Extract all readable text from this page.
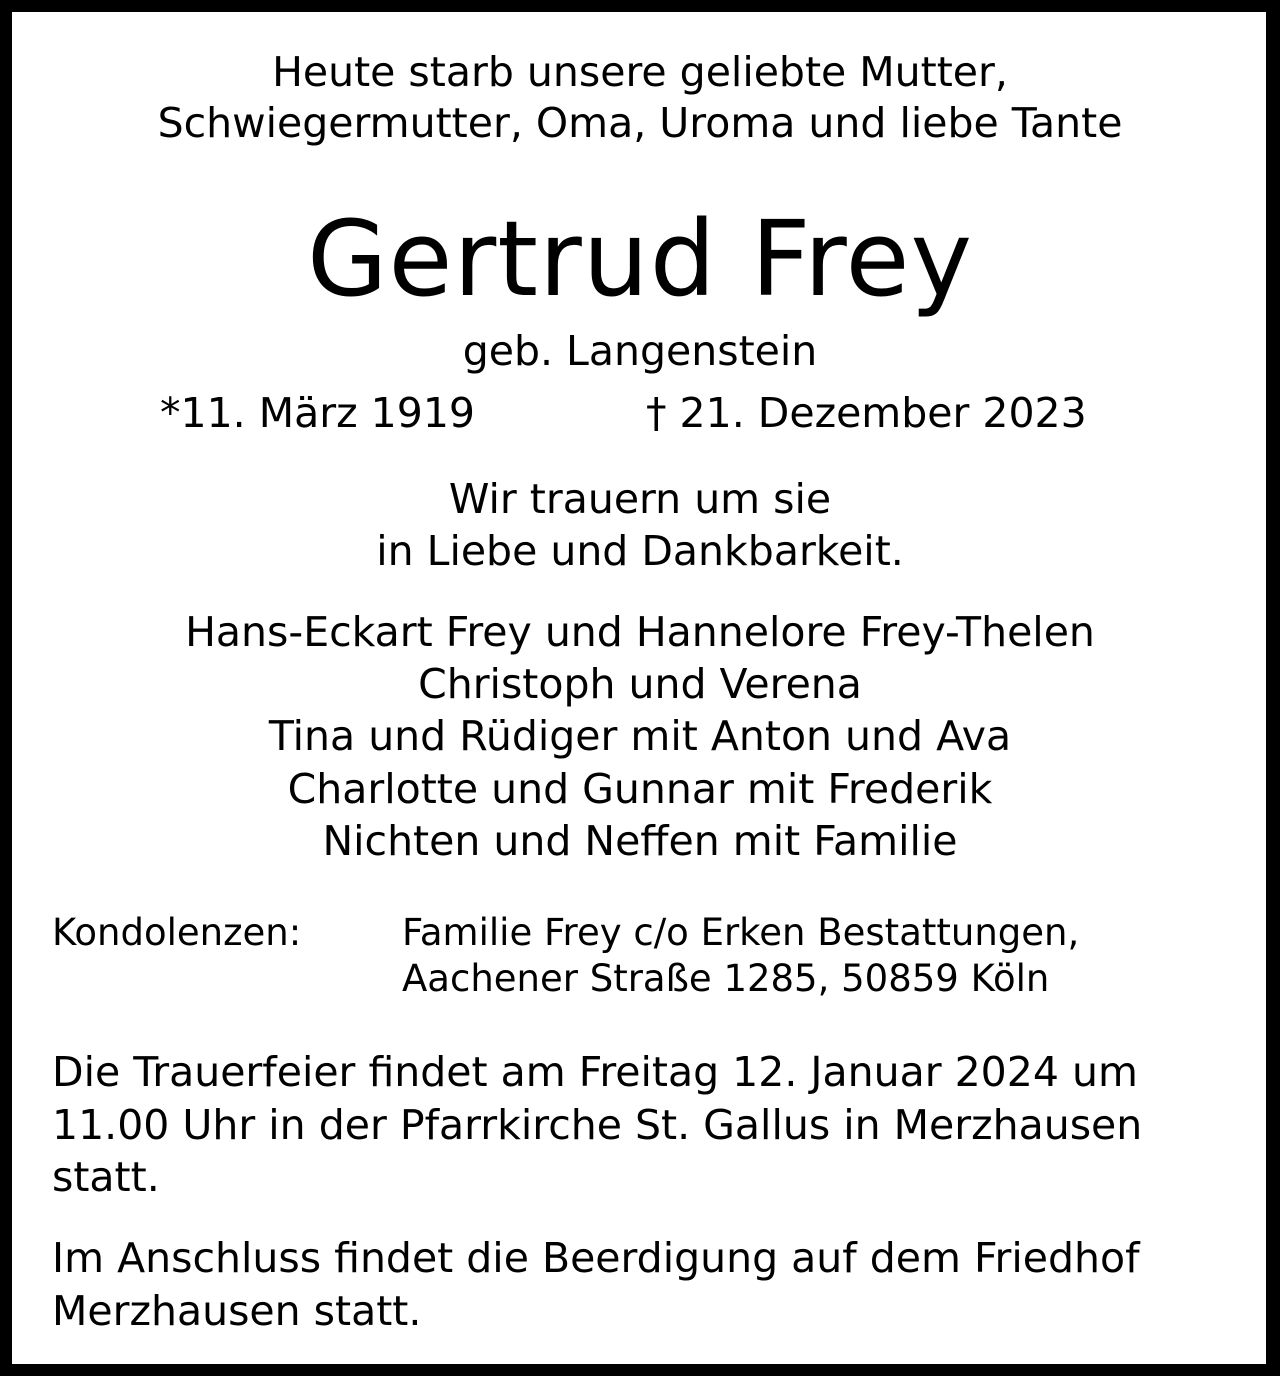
Heute starb unsere geliebte Mutter,
Schwiegermutter, Oma, Uroma und liebe Tante
Gertrud Frey
geb. Langenstein
*11. März 1919	† 21. Dezember 2023
Wir trauern um sie
in Liebe und Dankbarkeit.
Hans-Eckart Frey und Hannelore Frey-Thelen
Christoph und Verena
Tina und Rüdiger mit Anton und Ava
Charlotte und Gunnar mit Frederik
Nichten und Neffen mit Familie
Kondolenzen:	Familie Frey c/o Erken Bestattungen,
Aachener Straße 1285, 50859 Köln
Die Trauerfeier findet am Freitag 12. Januar 2024 um
11.00 Uhr in der Pfarrkirche St. Gallus in Merzhausen
statt.
Im Anschluss findet die Beerdigung auf dem Friedhof
Merzhausen statt.
